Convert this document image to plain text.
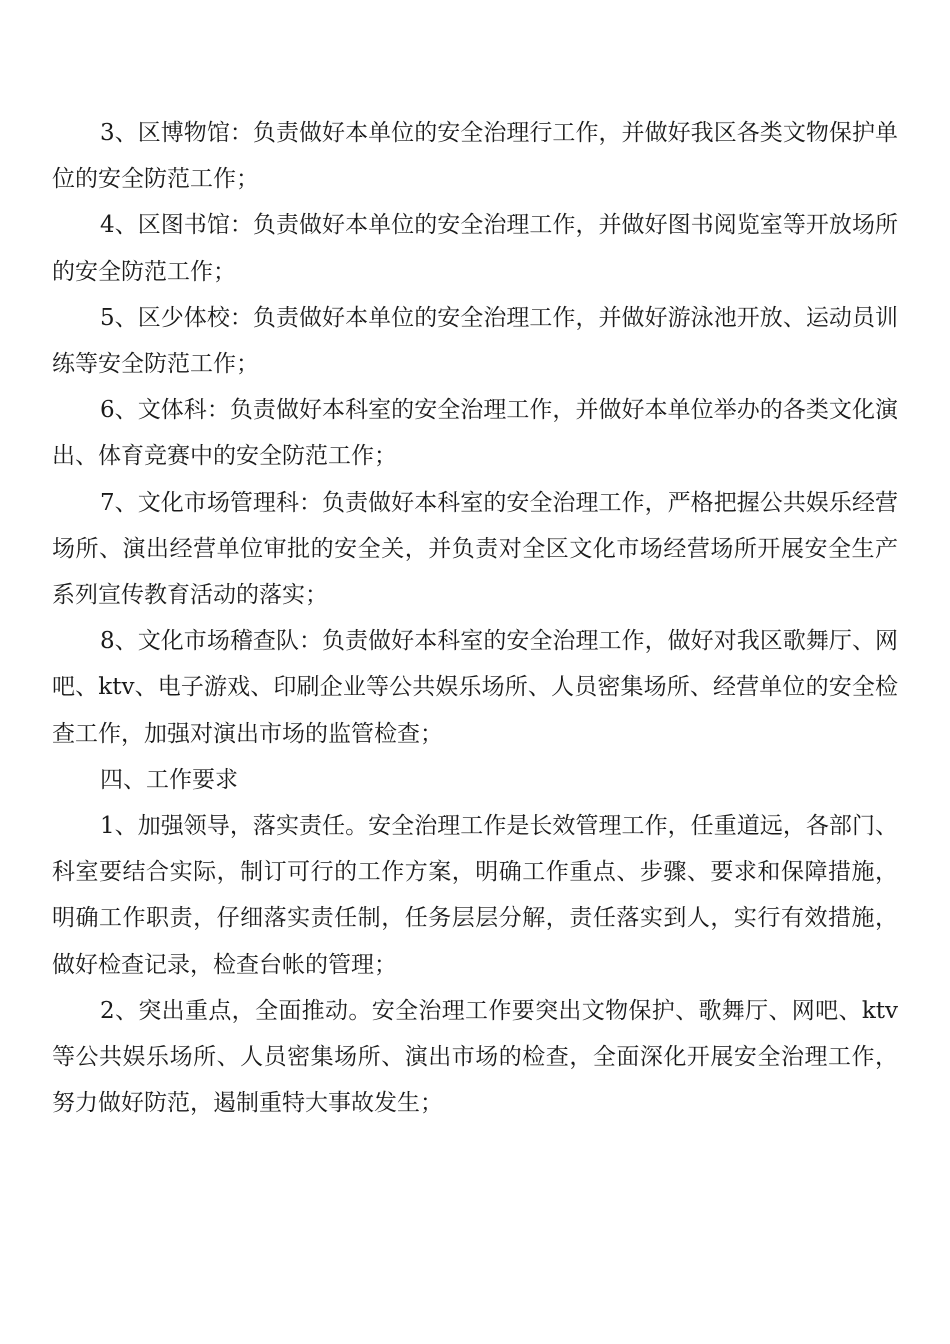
3、区博物馆：负责做好本单位的安全治理行工作，并做好我区各类文物保护单位的安全防范工作；

4、区图书馆：负责做好本单位的安全治理工作，并做好图书阅览室等开放场所的安全防范工作；

5、区少体校：负责做好本单位的安全治理工作，并做好游泳池开放、运动员训练等安全防范工作；

6、文体科：负责做好本科室的安全治理工作，并做好本单位举办的各类文化演出、体育竞赛中的安全防范工作；

7、文化市场管理科：负责做好本科室的安全治理工作，严格把握公共娱乐经营场所、演出经营单位审批的安全关，并负责对全区文化市场经营场所开展安全生产系列宣传教育活动的落实；

8、文化市场稽查队：负责做好本科室的安全治理工作，做好对我区歌舞厅、网吧、ktv、电子游戏、印刷企业等公共娱乐场所、人员密集场所、经营单位的安全检查工作，加强对演出市场的监管检查；

四、工作要求

1、加强领导，落实责任。安全治理工作是长效管理工作，任重道远，各部门、科室要结合实际，制订可行的工作方案，明确工作重点、步骤、要求和保障措施，明确工作职责，仔细落实责任制，任务层层分解，责任落实到人，实行有效措施，做好检查记录，检查台帐的管理；

2、突出重点，全面推动。安全治理工作要突出文物保护、歌舞厅、网吧、ktv等公共娱乐场所、人员密集场所、演出市场的检查，全面深化开展安全治理工作，努力做好防范，遏制重特大事故发生；
